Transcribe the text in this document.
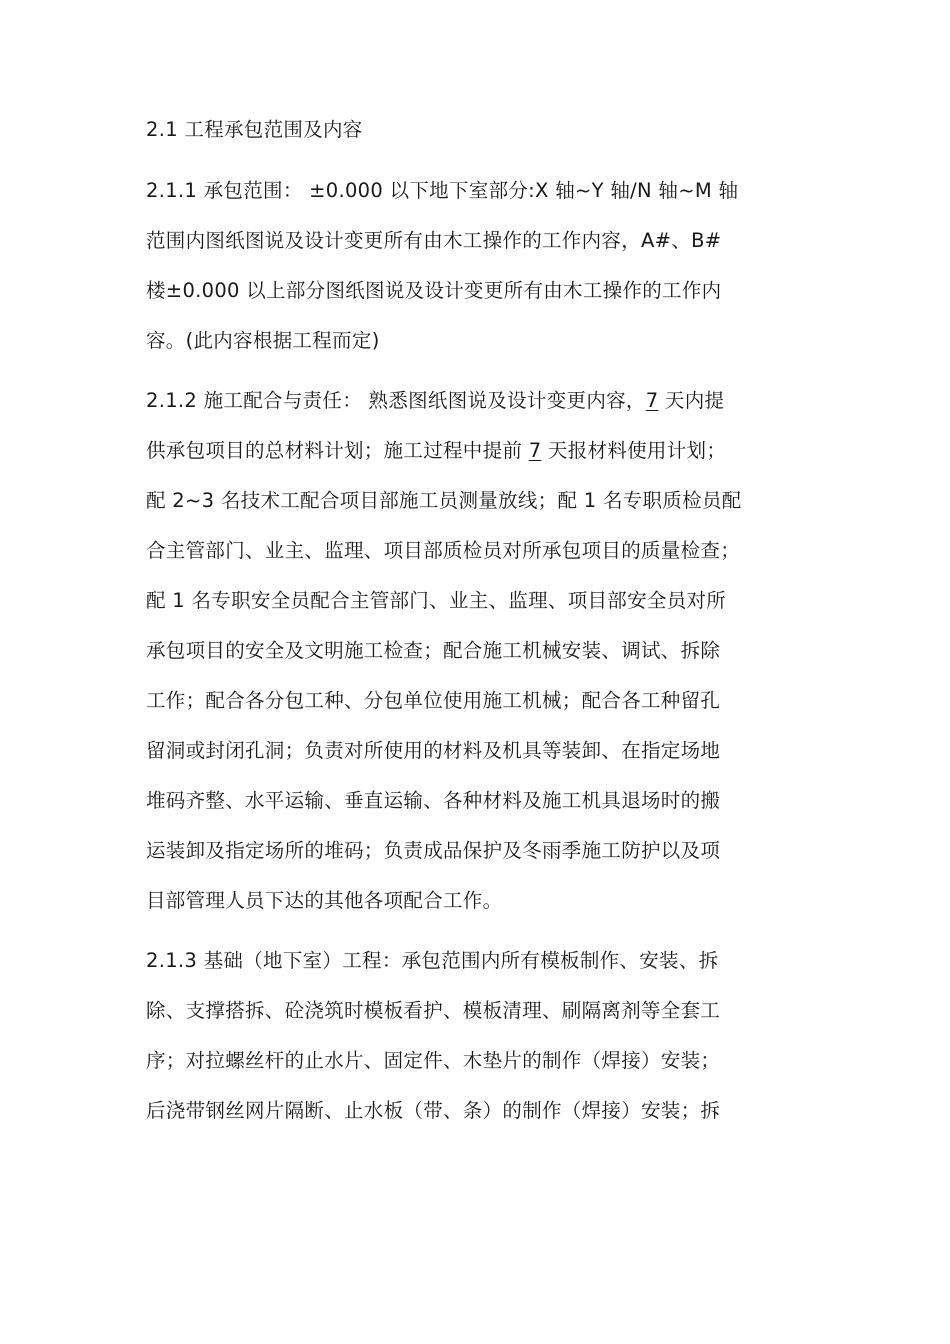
2.1 工程承包范围及内容
2.1.1 承包范围： ±0.000 以下地下室部分:X 轴~Y 轴/N 轴~M 轴
范围内图纸图说及设计变更所有由木工操作的工作内容，A#、B#
楼±0.000 以上部分图纸图说及设计变更所有由木工操作的工作内
容。(此内容根据工程而定)
2.1.2 施工配合与责任： 熟悉图纸图说及设计变更内容，7 天内提
供承包项目的总材料计划；施工过程中提前 7 天报材料使用计划；
配 2~3 名技术工配合项目部施工员测量放线；配 1 名专职质检员配
合主管部门、业主、监理、项目部质检员对所承包项目的质量检查；
配 1 名专职安全员配合主管部门、业主、监理、项目部安全员对所
承包项目的安全及文明施工检查；配合施工机械安装、调试、拆除
工作；配合各分包工种、分包单位使用施工机械；配合各工种留孔
留洞或封闭孔洞；负责对所使用的材料及机具等装卸、在指定场地
堆码齐整、水平运输、垂直运输、各种材料及施工机具退场时的搬
运装卸及指定场所的堆码；负责成品保护及冬雨季施工防护以及项
目部管理人员下达的其他各项配合工作。
2.1.3 基础（地下室）工程：承包范围内所有模板制作、安装、拆
除、支撑搭拆、砼浇筑时模板看护、模板清理、刷隔离剂等全套工
序；对拉螺丝杆的止水片、固定件、木垫片的制作（焊接）安装；
后浇带钢丝网片隔断、止水板（带、条）的制作（焊接）安装；拆
